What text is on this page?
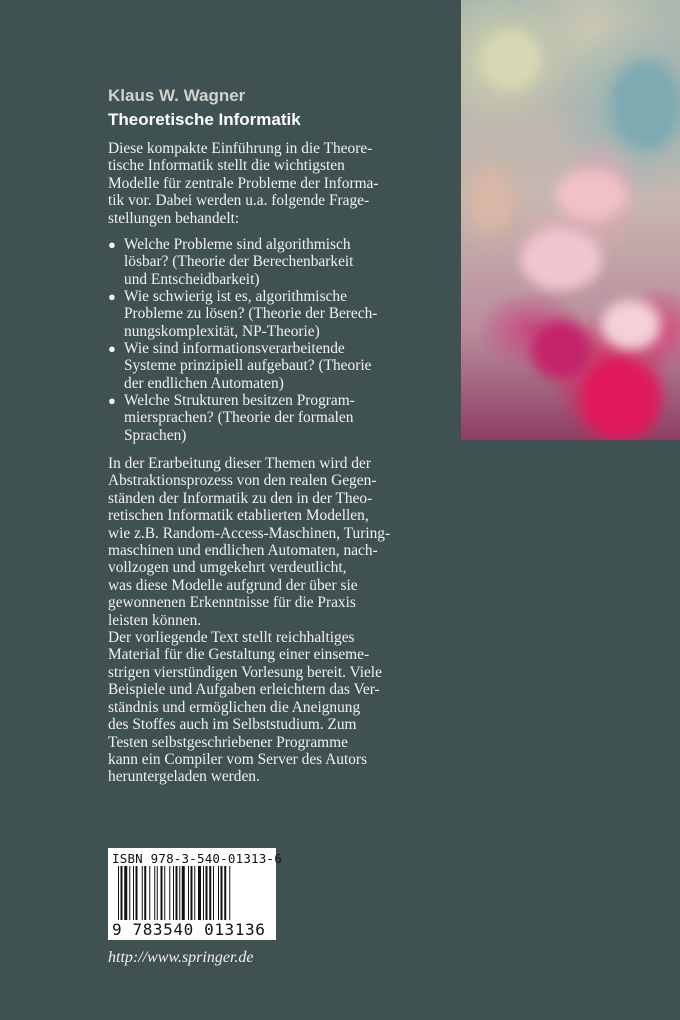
Klaus W. Wagner
Theoretische Informatik
Diese kompakte Einführung in die Theore-
tische Informatik stellt die wichtigsten
Modelle für zentrale Probleme der Informa-
tik vor. Dabei werden u.a. folgende Frage-
stellungen behandelt:
● Welche Probleme sind algorithmisch
lösbar? (Theorie der Berechenbarkeit
und Entscheidbarkeit)
● Wie schwierig ist es, algorithmische
Probleme zu lösen? (Theorie der Berech-
nungskomplexität, NP-Theorie)
● Wie sind informationsverarbeitende
Systeme prinzipiell aufgebaut? (Theorie
der endlichen Automaten)
● Welche Strukturen besitzen Program-
miersprachen? (Theorie der formalen
Sprachen)
In der Erarbeitung dieser Themen wird der
Abstraktionsprozess von den realen Gegen-
ständen der Informatik zu den in der Theo-
retischen Informatik etablierten Modellen,
wie z.B. Random-Access-Maschinen, Turing-
maschinen und endlichen Automaten, nach-
vollzogen und umgekehrt verdeutlicht,
was diese Modelle aufgrund der über sie
gewonnenen Erkenntnisse für die Praxis
leisten können.
Der vorliegende Text stellt reichhaltiges
Material für die Gestaltung einer einseme-
strigen vierstündigen Vorlesung bereit. Viele
Beispiele und Aufgaben erleichtern das Ver-
ständnis und ermöglichen die Aneignung
des Stoffes auch im Selbststudium. Zum
Testen selbstgeschriebener Programme
kann ein Compiler vom Server des Autors
heruntergeladen werden.
ISBN 978-3-540-01313-6
9 783540 013136
http://www.springer.de
